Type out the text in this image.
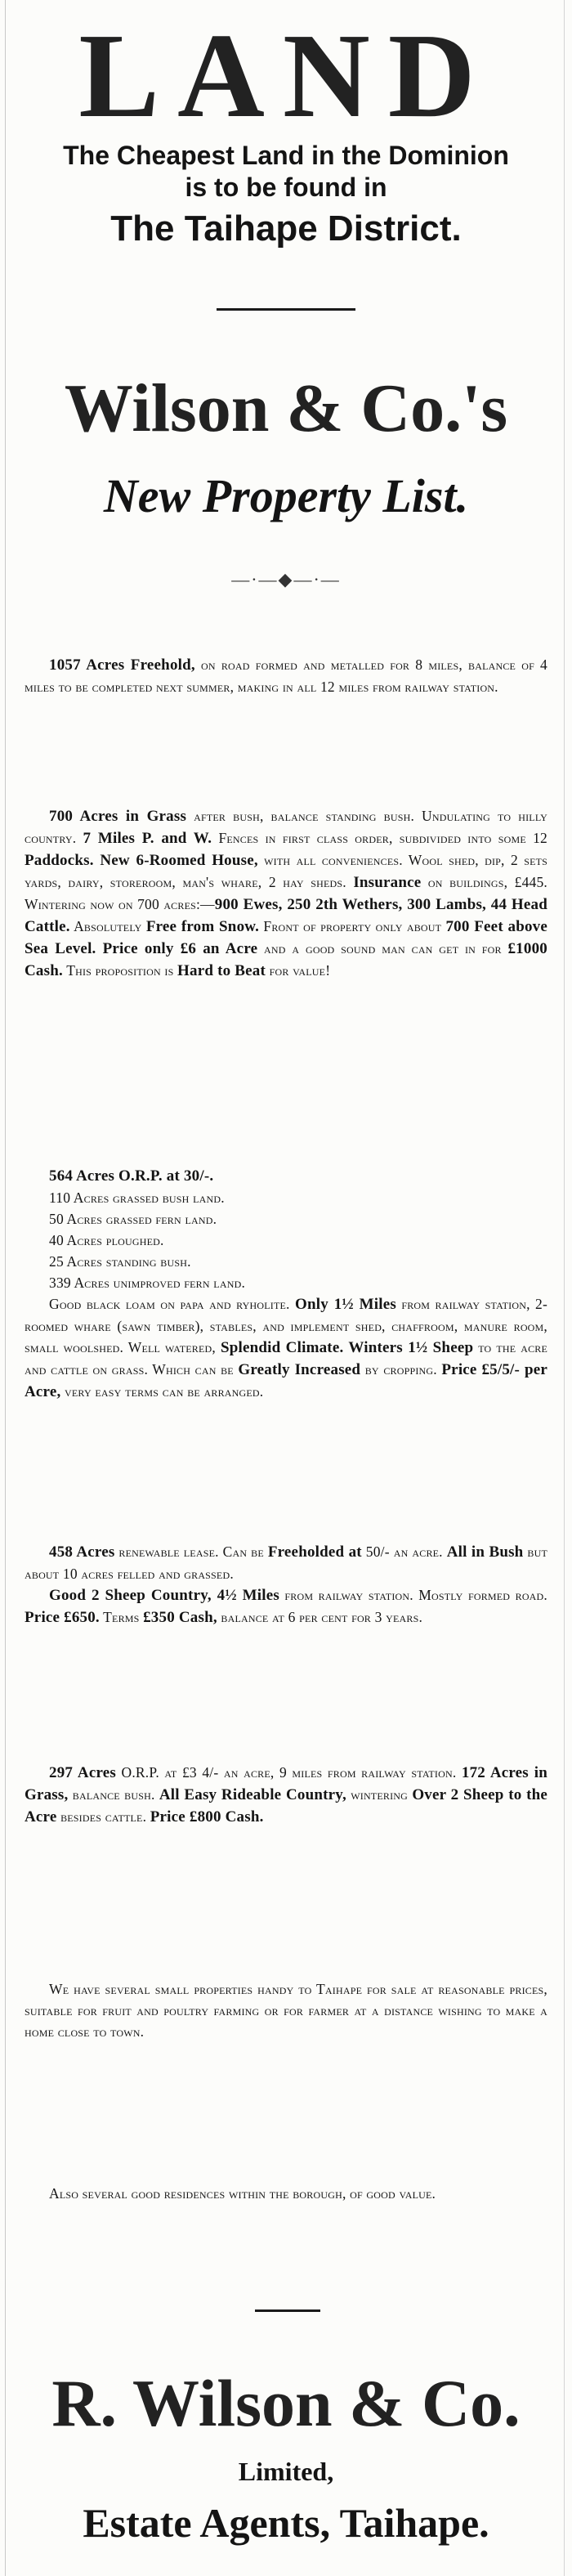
LAND
The Cheapest Land in the Dominion
is to be found in
The Taihape District.
Wilson & Co.'s
New Property List.
—·—◆—·—

1057 Acres Freehold, on road formed and metalled for 8 miles, balance of 4 miles to be completed next summer, making in all 12 miles from railway station.

700 Acres in Grass after bush, balance standing bush. Undulating to hilly country. 7 Miles P. and W. Fences in first class order, subdivided into some 12 Paddocks. New 6-Roomed House, with all conveniences. Wool shed, dip, 2 sets yards, dairy, storeroom, man's whare, 2 hay sheds. Insurance on buildings, £445. Wintering now on 700 acres:—900 Ewes, 250 2th Wethers, 300 Lambs, 44 Head Cattle. Absolutely Free from Snow. Front of property only about 700 Feet above Sea Level. Price only £6 an Acre and a good sound man can get in for £1000 Cash. This proposition is Hard to Beat for value!

564 Acres O.R.P. at 30/-.

110 Acres grassed bush land.

50 Acres grassed fern land.

40 Acres ploughed.

25 Acres standing bush.

339 Acres unimproved fern land.

Good black loam on papa and ryholite. Only 1½ Miles from railway station, 2-roomed whare (sawn timber), stables, and implement shed, chaffroom, manure room, small woolshed. Well watered, Splendid Climate. Winters 1½ Sheep to the acre and cattle on grass. Which can be Greatly Increased by cropping. Price £5/5/- per Acre, very easy terms can be arranged.

458 Acres renewable lease. Can be Freeholded at 50/- an acre. All in Bush but about 10 acres felled and grassed.

Good 2 Sheep Country, 4½ Miles from railway station. Mostly formed road. Price £650. Terms £350 Cash, balance at 6 per cent for 3 years.

297 Acres O.R.P. at £3 4/- an acre, 9 miles from railway station. 172 Acres in Grass, balance bush. All Easy Rideable Country, wintering Over 2 Sheep to the Acre besides cattle. Price £800 Cash.

We have several small properties handy to Taihape for sale at reasonable prices, suitable for fruit and poultry farming or for farmer at a distance wishing to make a home close to town.

Also several good residences within the borough, of good value.

R. Wilson & Co.
Limited,
Estate Agents, Taihape.
